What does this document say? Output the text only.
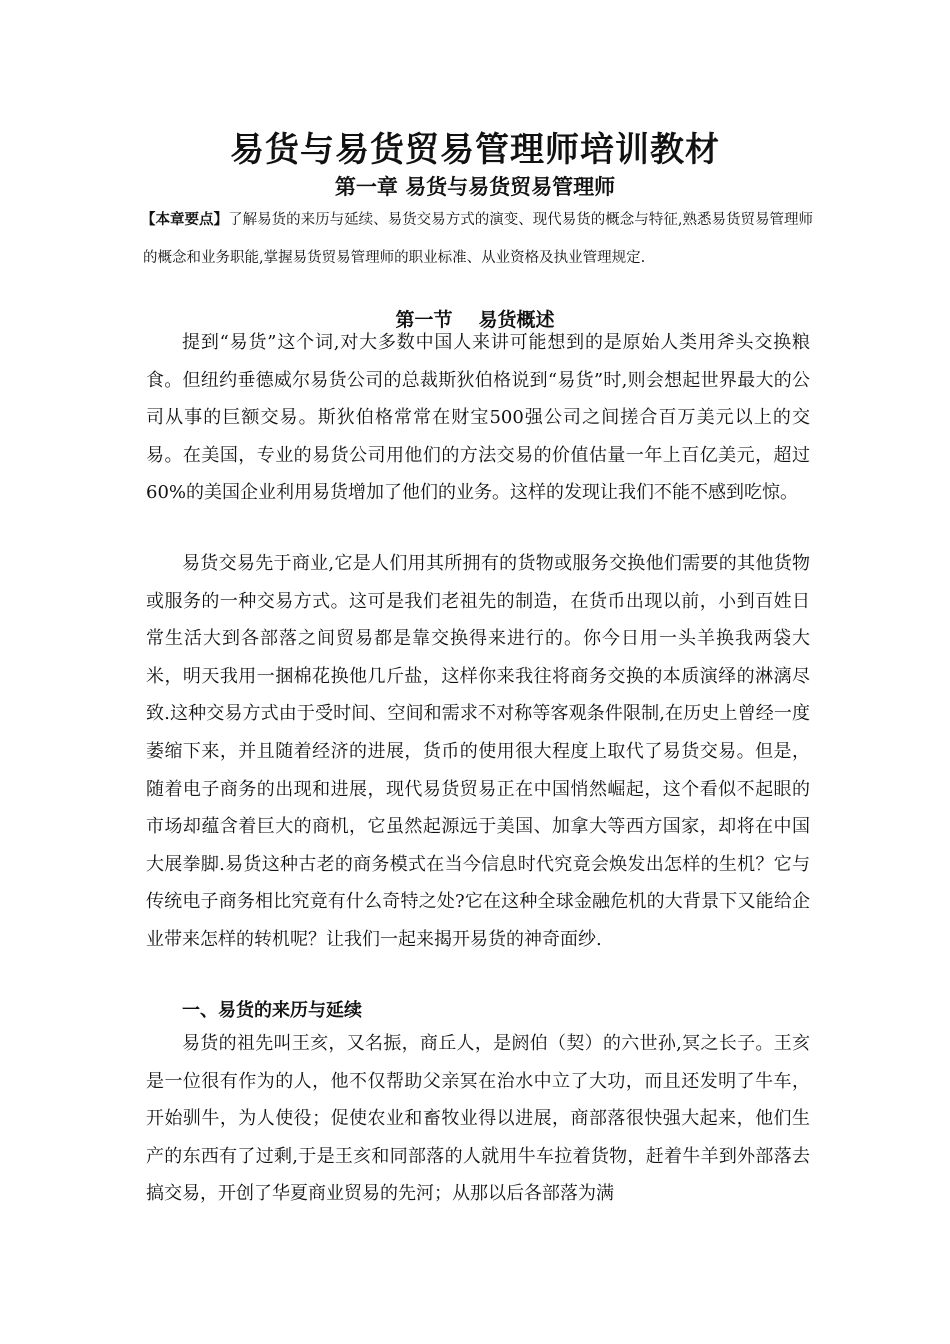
易货与易货贸易管理师培训教材
第一章 易货与易货贸易管理师
【本章要点】了解易货的来历与延续、易货交易方式的演变、现代易货的概念与特征,熟悉易货贸易管理师的概念和业务职能,掌握易货贸易管理师的职业标准、从业资格及执业管理规定.
第一节 易货概述

提到“易货”这个词,对大多数中国人来讲可能想到的是原始人类用斧头交换粮食。但纽约垂德威尔易货公司的总裁斯狄伯格说到“易货”时,则会想起世界最大的公司从事的巨额交易。斯狄伯格常常在财宝500强公司之间搓合百万美元以上的交易。在美国，专业的易货公司用他们的方法交易的价值估量一年上百亿美元，超过60%的美国企业利用易货增加了他们的业务。这样的发现让我们不能不感到吃惊。

易货交易先于商业,它是人们用其所拥有的货物或服务交换他们需要的其他货物或服务的一种交易方式。这可是我们老祖先的制造，在货币出现以前，小到百姓日常生活大到各部落之间贸易都是靠交换得来进行的。你今日用一头羊换我两袋大米，明天我用一捆棉花换他几斤盐，这样你来我往将商务交换的本质演绎的淋漓尽致.这种交易方式由于受时间、空间和需求不对称等客观条件限制,在历史上曾经一度萎缩下来，并且随着经济的进展，货币的使用很大程度上取代了易货交易。但是，随着电子商务的出现和进展，现代易货贸易正在中国悄然崛起，这个看似不起眼的市场却蕴含着巨大的商机，它虽然起源远于美国、加拿大等西方国家，却将在中国大展拳脚.易货这种古老的商务模式在当今信息时代究竟会焕发出怎样的生机？它与传统电子商务相比究竟有什么奇特之处?它在这种全球金融危机的大背景下又能给企业带来怎样的转机呢？让我们一起来揭开易货的神奇面纱.

一、易货的来历与延续

易货的祖先叫王亥，又名振，商丘人，是阏伯（契）的六世孙,冥之长子。王亥是一位很有作为的人，他不仅帮助父亲冥在治水中立了大功，而且还发明了牛车，开始驯牛，为人使役；促使农业和畜牧业得以进展，商部落很快强大起来，他们生产的东西有了过剩,于是王亥和同部落的人就用牛车拉着货物，赶着牛羊到外部落去搞交易，开创了华夏商业贸易的先河；从那以后各部落为满
